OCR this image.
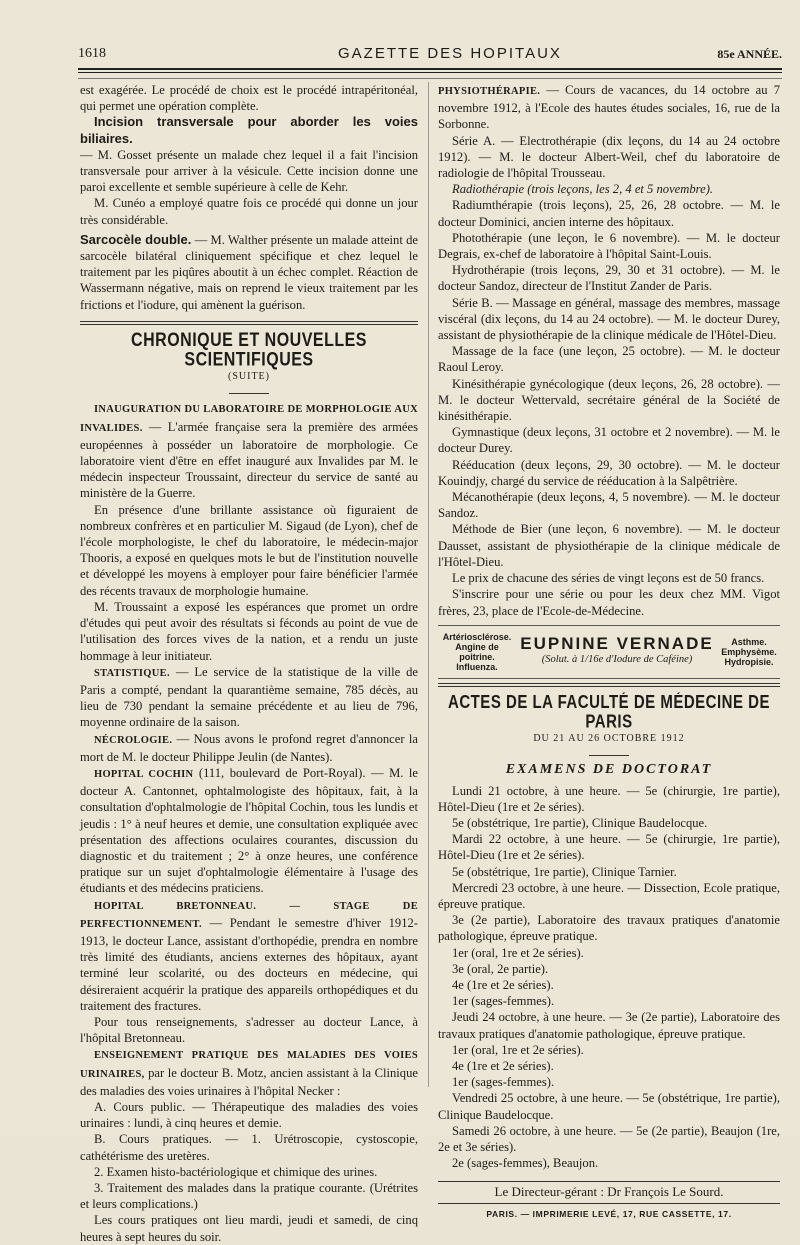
1618	GAZETTE DES HOPITAUX	85e ANNÉE.

est exagérée. Le procédé de choix est le procédé intrapéritonéal, qui permet une opération complète.

Incision transversale pour aborder les voies biliaires.

— M. Gosset présente un malade chez lequel il a fait l'incision transversale pour arriver à la vésicule. Cette incision donne une paroi excellente et semble supérieure à celle de Kehr.

M. Cunéo a employé quatre fois ce procédé qui donne un jour très considérable.

Sarcocèle double. — M. Walther présente un malade atteint de sarcocèle bilatéral cliniquement spécifique et chez lequel le traitement par les piqûres aboutit à un échec complet. Réaction de Wassermann négative, mais on reprend le vieux traitement par les frictions et l'iodure, qui amènent la guérison.

CHRONIQUE ET NOUVELLES SCIENTIFIQUES
(SUITE)

INAUGURATION DU LABORATOIRE DE MORPHOLOGIE AUX INVALIDES. — L'armée française sera la première des armées européennes à posséder un laboratoire de morphologie. Ce laboratoire vient d'être en effet inauguré aux Invalides par M. le médecin inspecteur Troussaint, directeur du service de santé au ministère de la Guerre.

En présence d'une brillante assistance où figuraient de nombreux confrères et en particulier M. Sigaud (de Lyon), chef de l'école morphologiste, le chef du laboratoire, le médecin-major Thooris, a exposé en quelques mots le but de l'institution nouvelle et développé les moyens à employer pour faire bénéficier l'armée des récents travaux de morphologie humaine.

M. Troussaint a exposé les espérances que promet un ordre d'études qui peut avoir des résultats si féconds au point de vue de l'utilisation des forces vives de la nation, et a rendu un juste hommage à leur initiateur.

STATISTIQUE. — Le service de la statistique de la ville de Paris a compté, pendant la quarantième semaine, 785 décès, au lieu de 730 pendant la semaine précédente et au lieu de 796, moyenne ordinaire de la saison.

NÉCROLOGIE. — Nous avons le profond regret d'annoncer la mort de M. le docteur Philippe Jeulin (de Nantes).

HOPITAL COCHIN (111, boulevard de Port-Royal). — M. le docteur A. Cantonnet, ophtalmologiste des hôpitaux, fait, à la consultation d'ophtalmologie de l'hôpital Cochin, tous les lundis et jeudis : 1° à neuf heures et demie, une consultation expliquée avec présentation des affections oculaires courantes, discussion du diagnostic et du traitement ; 2° à onze heures, une conférence pratique sur un sujet d'ophtalmologie élémentaire à l'usage des étudiants et des médecins praticiens.

HOPITAL BRETONNEAU. — STAGE DE PERFECTIONNEMENT. — Pendant le semestre d'hiver 1912-1913, le docteur Lance, assistant d'orthopédie, prendra en nombre très limité des étudiants, anciens externes des hôpitaux, ayant terminé leur scolarité, ou des docteurs en médecine, qui désireraient acquérir la pratique des appareils orthopédiques et du traitement des fractures.

Pour tous renseignements, s'adresser au docteur Lance, à l'hôpital Bretonneau.

ENSEIGNEMENT PRATIQUE DES MALADIES DES VOIES URINAIRES, par le docteur B. Motz, ancien assistant à la Clinique des maladies des voies urinaires à l'hôpital Necker :

A. Cours public. — Thérapeutique des maladies des voies urinaires : lundi, à cinq heures et demie.

B. Cours pratiques. — 1. Urétroscopie, cystoscopie, cathétérisme des uretères.

2. Examen histo-bactériologique et chimique des urines.

3. Traitement des malades dans la pratique courante. (Urétrites et leurs complications.)

Les cours pratiques ont lieu mardi, jeudi et samedi, de cinq heures à sept heures du soir.

PHYSIOTHÉRAPIE. — Cours de vacances, du 14 octobre au 7 novembre 1912, à l'Ecole des hautes études sociales, 16, rue de la Sorbonne.

Série A. — Electrothérapie (dix leçons, du 14 au 24 octobre 1912). — M. le docteur Albert-Weil, chef du laboratoire de radiologie de l'hôpital Trousseau.

Radiothérapie (trois leçons, les 2, 4 et 5 novembre).

Radiumthérapie (trois leçons), 25, 26, 28 octobre. — M. le docteur Dominici, ancien interne des hôpitaux.

Photothérapie (une leçon, le 6 novembre). — M. le docteur Degrais, ex-chef de laboratoire à l'hôpital Saint-Louis.

Hydrothérapie (trois leçons, 29, 30 et 31 octobre). — M. le docteur Sandoz, directeur de l'Institut Zander de Paris.

Série B. — Massage en général, massage des membres, massage viscéral (dix leçons, du 14 au 24 octobre). — M. le docteur Durey, assistant de physiothérapie de la clinique médicale de l'Hôtel-Dieu.

Massage de la face (une leçon, 25 octobre). — M. le docteur Raoul Leroy.

Kinésithérapie gynécologique (deux leçons, 26, 28 octobre). — M. le docteur Wettervald, secrétaire général de la Société de kinésithérapie.

Gymnastique (deux leçons, 31 octobre et 2 novembre). — M. le docteur Durey.

Rééducation (deux leçons, 29, 30 octobre). — M. le docteur Kouindjy, chargé du service de rééducation à la Salpêtrière.

Mécanothérapie (deux leçons, 4, 5 novembre). — M. le docteur Sandoz.

Méthode de Bier (une leçon, 6 novembre). — M. le docteur Dausset, assistant de physiothérapie de la clinique médicale de l'Hôtel-Dieu.

Le prix de chacune des séries de vingt leçons est de 50 francs.

S'inscrire pour une série ou pour les deux chez MM. Vigot frères, 23, place de l'Ecole-de-Médecine.

Artériosclérose. Angine de poitrine. Influenza.
EUPNINE VERNADE
(Solut. à 1/16e d'Iodure de Caféine)
Asthme. Emphysème. Hydropisie.
ACTES DE LA FACULTÉ DE MÉDECINE DE PARIS
DU 21 AU 26 OCTOBRE 1912
EXAMENS DE DOCTORAT

Lundi 21 octobre, à une heure. — 5e (chirurgie, 1re partie), Hôtel-Dieu (1re et 2e séries).

5e (obstétrique, 1re partie), Clinique Baudelocque.

Mardi 22 octobre, à une heure. — 5e (chirurgie, 1re partie), Hôtel-Dieu (1re et 2e séries).

5e (obstétrique, 1re partie), Clinique Tarnier.

Mercredi 23 octobre, à une heure. — Dissection, Ecole pratique, épreuve pratique.

3e (2e partie), Laboratoire des travaux pratiques d'anatomie pathologique, épreuve pratique.

1er (oral, 1re et 2e séries).

3e (oral, 2e partie).

4e (1re et 2e séries).

1er (sages-femmes).

Jeudi 24 octobre, à une heure. — 3e (2e partie), Laboratoire des travaux pratiques d'anatomie pathologique, épreuve pratique.

1er (oral, 1re et 2e séries).

4e (1re et 2e séries).

1er (sages-femmes).

Vendredi 25 octobre, à une heure. — 5e (obstétrique, 1re partie), Clinique Baudelocque.

Samedi 26 octobre, à une heure. — 5e (2e partie), Beaujon (1re, 2e et 3e séries).

2e (sages-femmes), Beaujon.

Le Directeur-gérant : Dr François Le Sourd.
PARIS. — IMPRIMERIE LEVÉ, 17, RUE CASSETTE, 17.
